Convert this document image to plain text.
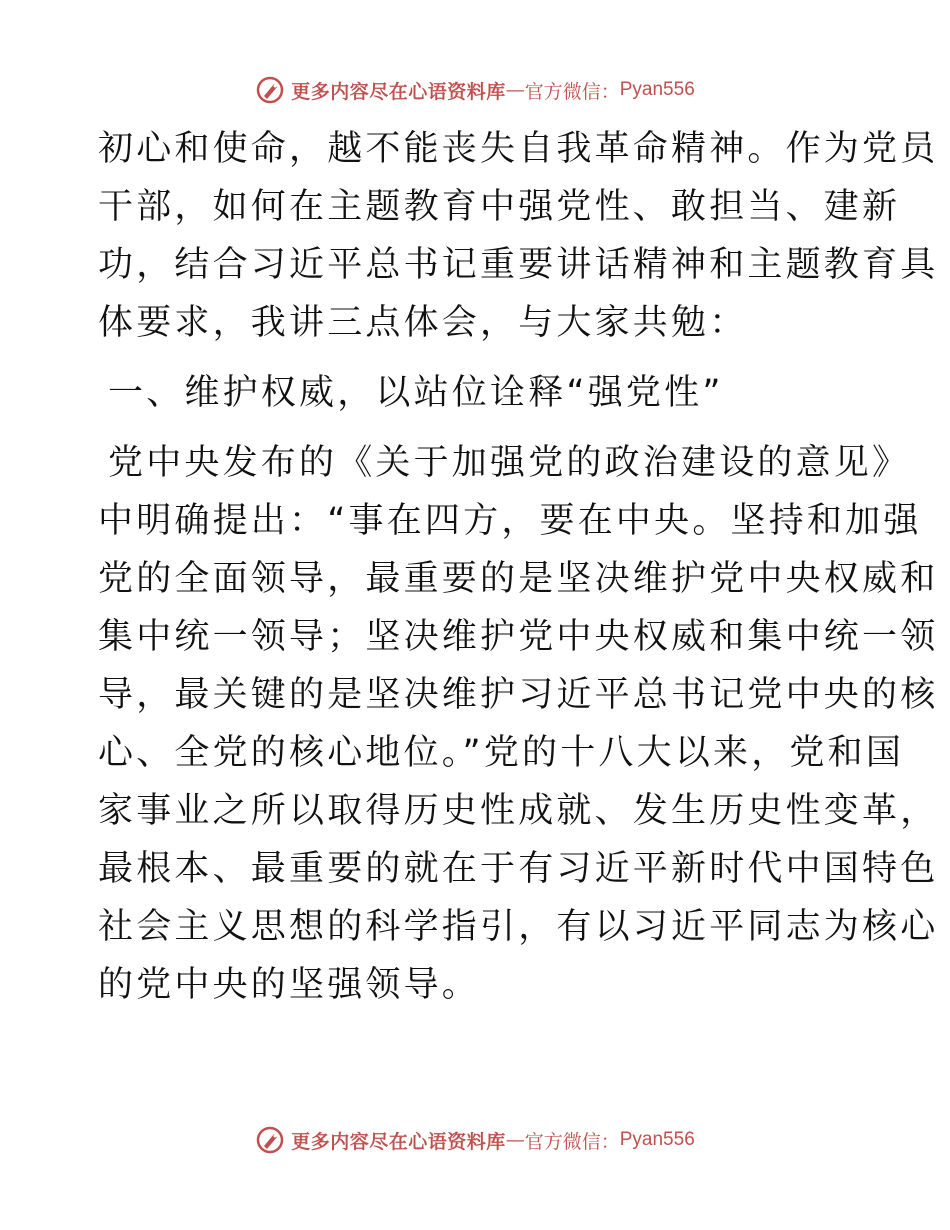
更多内容尽在心语资料库 — 官方微信： Pyan556

初心和使命，越不能丧失自我革命精神。作为党员

干部，如何在主题教育中强党性、敢担当、建新

功，结合习近平总书记重要讲话精神和主题教育具

体要求，我讲三点体会，与大家共勉：

一、维护权威，以站位诠释“强党性”

党中央发布的《关于加强党的政治建设的意见》

中明确提出：“事在四方，要在中央。坚持和加强

党的全面领导，最重要的是坚决维护党中央权威和

集中统一领导；坚决维护党中央权威和集中统一领

导，最关键的是坚决维护习近平总书记党中央的核

心、全党的核心地位。”党的十八大以来，党和国

家事业之所以取得历史性成就、发生历史性变革，

最根本、最重要的就在于有习近平新时代中国特色

社会主义思想的科学指引，有以习近平同志为核心

的党中央的坚强领导。

更多内容尽在心语资料库 — 官方微信： Pyan556
